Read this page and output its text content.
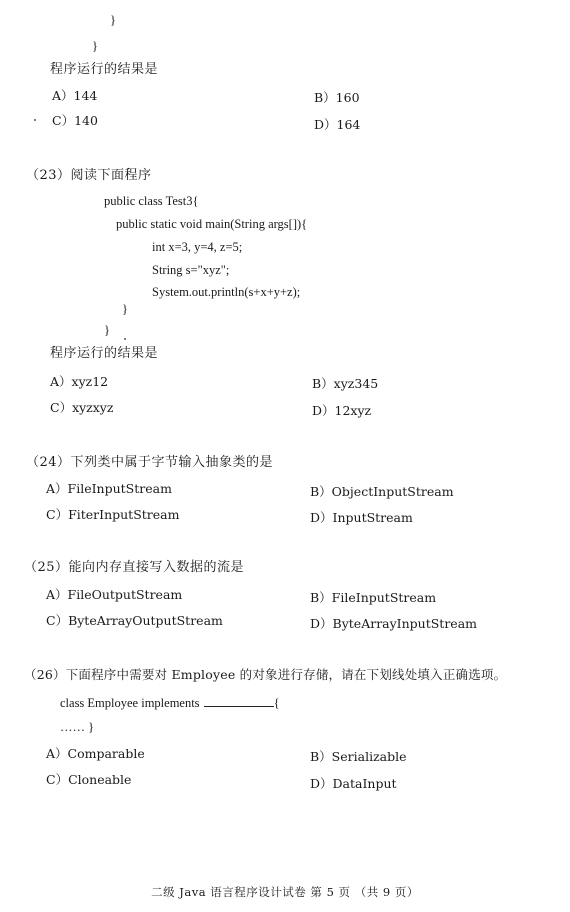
}
}
程序运行的结果是
A）144	B）160
C）140	D）164
（23）阅读下面程序
public class Test3{
public static void main(String args[]){
int x=3, y=4, z=5;
String s="xyz";
System.out.println(s+x+y+z);
}
}
程序运行的结果是
A）xyz12	B）xyz345
C）xyzxyz	D）12xyz
（24）下列类中属于字节输入抽象类的是
A）FileInputStream	B）ObjectInputStream
C）FiterInputStream	D）InputStream
（25）能向内存直接写入数据的流是
A）FileOutputStream	B）FileInputStream
C）ByteArrayOutputStream	D）ByteArrayInputStream
（26）下面程序中需要对 Employee 的对象进行存储，请在下划线处填入正确选项。
class Employee implements	{
…… }
A）Comparable	B）Serializable
C）Cloneable	D）DataInput
二级 Java 语言程序设计试卷 第 5 页 （共 9 页）
